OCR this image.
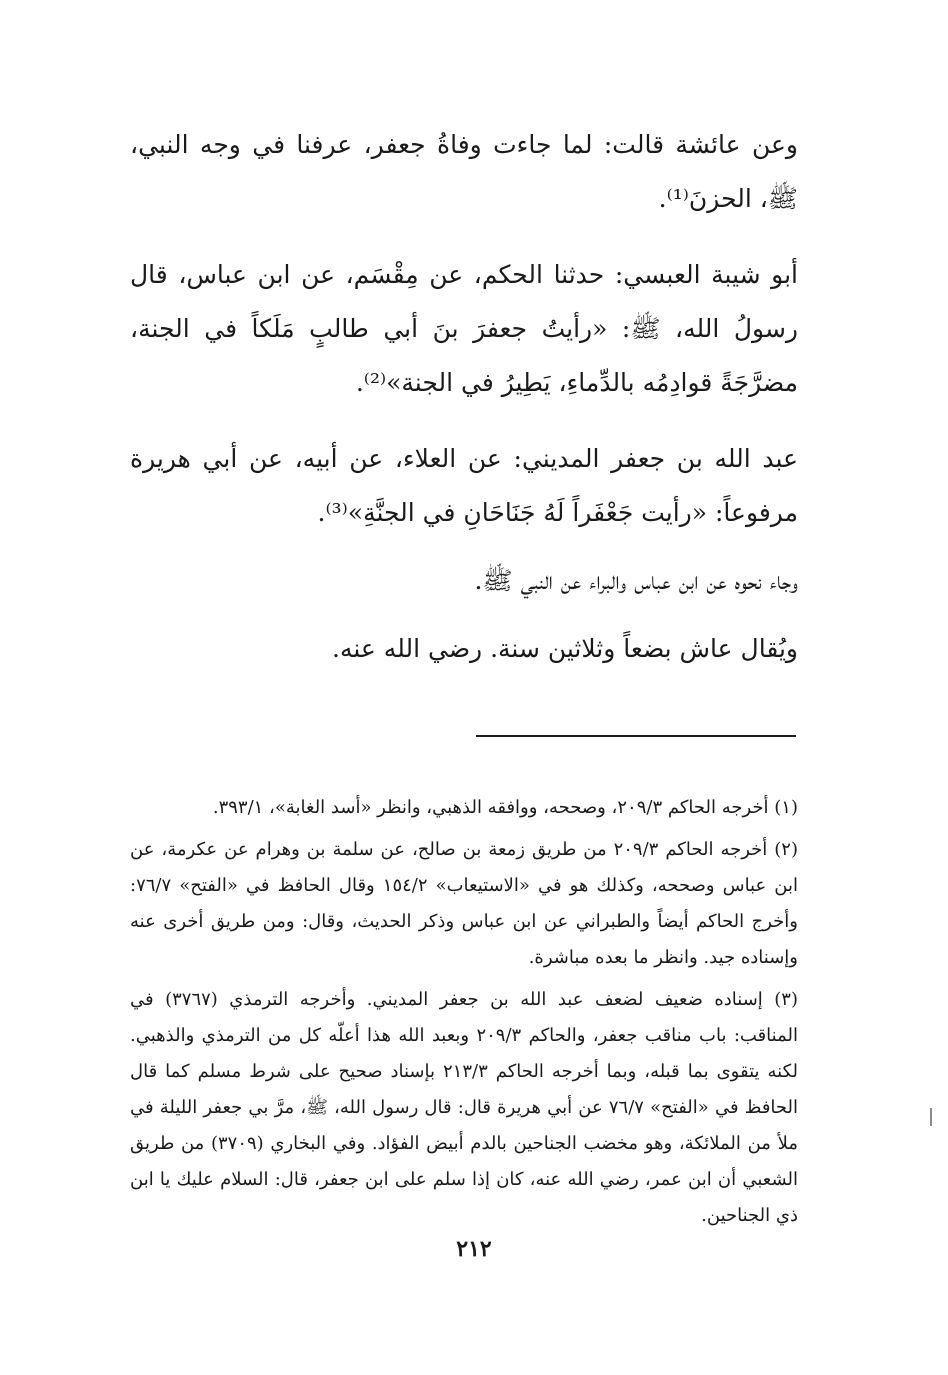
وعن عائشة قالت: لما جاءت وفاةُ جعفر، عرفنا في وجه النبي، ﷺ، الحزنَ⁽¹⁾.

أبو شيبة العبسي: حدثنا الحكم، عن مِقْسَم، عن ابن عباس، قال رسولُ الله، ﷺ: «رأيتُ جعفرَ بنَ أبي طالبٍ مَلَكاً في الجنة، مضرَّجَةً قوادِمُه بالدِّماءِ، يَطِيرُ في الجنة»⁽²⁾.

عبد الله بن جعفر المديني: عن العلاء، عن أبيه، عن أبي هريرة مرفوعاً: «رأيت جَعْفَراً لَهُ جَنَاحَانِ في الجنَّةِ»⁽³⁾.

وجاء نحوه عن ابن عباس والبراء عن النبي ﷺ.

ويُقال عاش بضعاً وثلاثين سنة. رضي الله عنه.

(١) أخرجه الحاكم ٢٠٩/٣، وصححه، ووافقه الذهبي، وانظر «أسد الغابة»، ٣٩٣/١.

(٢) أخرجه الحاكم ٢٠٩/٣ من طريق زمعة بن صالح، عن سلمة بن وهرام عن عكرمة، عن ابن عباس وصححه، وكذلك هو في «الاستيعاب» ١٥٤/٢ وقال الحافظ في «الفتح» ٧٦/٧: وأخرج الحاكم أيضاً والطبراني عن ابن عباس وذكر الحديث، وقال: ومن طريق أخرى عنه وإسناده جيد. وانظر ما بعده مباشرة.

(٣) إسناده ضعيف لضعف عبد الله بن جعفر المديني. وأخرجه الترمذي (٣٧٦٧) في المناقب: باب مناقب جعفر، والحاكم ٢٠٩/٣ وبعبد الله هذا أعلّه كل من الترمذي والذهبي. لكنه يتقوى بما قبله، وبما أخرجه الحاكم ٢١٣/٣ بإسناد صحيح على شرط مسلم كما قال الحافظ في «الفتح» ٧٦/٧ عن أبي هريرة قال: قال رسول الله، ﷺ، مرَّ بي جعفر الليلة في ملأ من الملائكة، وهو مخضب الجناحين بالدم أبيض الفؤاد. وفي البخاري (٣٧٠٩) من طريق الشعبي أن ابن عمر، رضي الله عنه، كان إذا سلم على ابن جعفر، قال: السلام عليك يا ابن ذي الجناحين.

٢١٢
